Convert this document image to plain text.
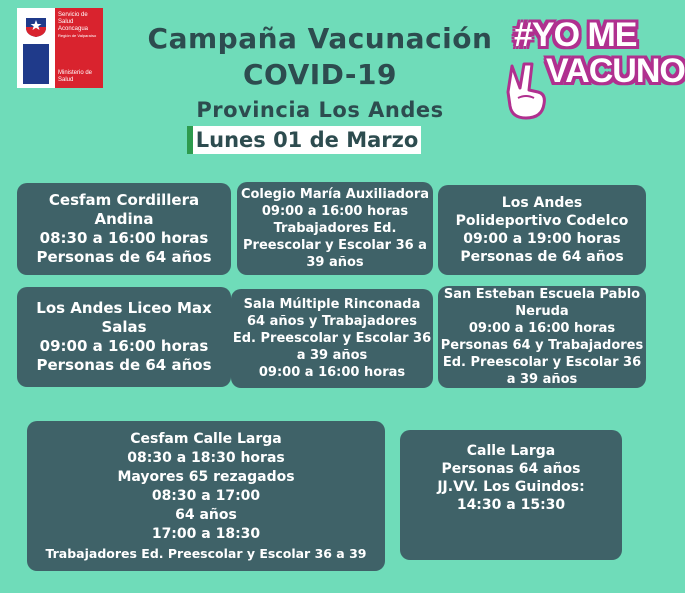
Servicio de
Salud
Aconcagua
Región de Valparaíso
Ministerio de
Salud
#YO ME
VACUNO
Campaña Vacunación
COVID-19
Provincia Los Andes
Lunes 01 de Marzo
Cesfam Cordillera
Andina
08:30 a 16:00 horas
Personas de 64 años
Colegio María Auxiliadora
09:00 a 16:00 horas
Trabajadores Ed.
Preescolar y Escolar 36 a
39 años
Los Andes
Polideportivo Codelco
09:00 a 19:00 horas
Personas de 64 años
Los Andes Liceo Max
Salas
09:00 a 16:00 horas
Personas de 64 años
Sala Múltiple Rinconada
64 años y Trabajadores
Ed. Preescolar y Escolar 36
a 39 años
09:00 a 16:00 horas
San Esteban Escuela Pablo
Neruda
09:00 a 16:00 horas
Personas 64 y Trabajadores
Ed. Preescolar y Escolar 36
a 39 años
Cesfam Calle Larga
08:30 a 18:30 horas
Mayores 65 rezagados
08:30 a 17:00
64 años
17:00 a 18:30
Trabajadores Ed. Preescolar y Escolar 36 a 39
Calle Larga
Personas 64 años
JJ.VV. Los Guindos:
14:30 a 15:30
